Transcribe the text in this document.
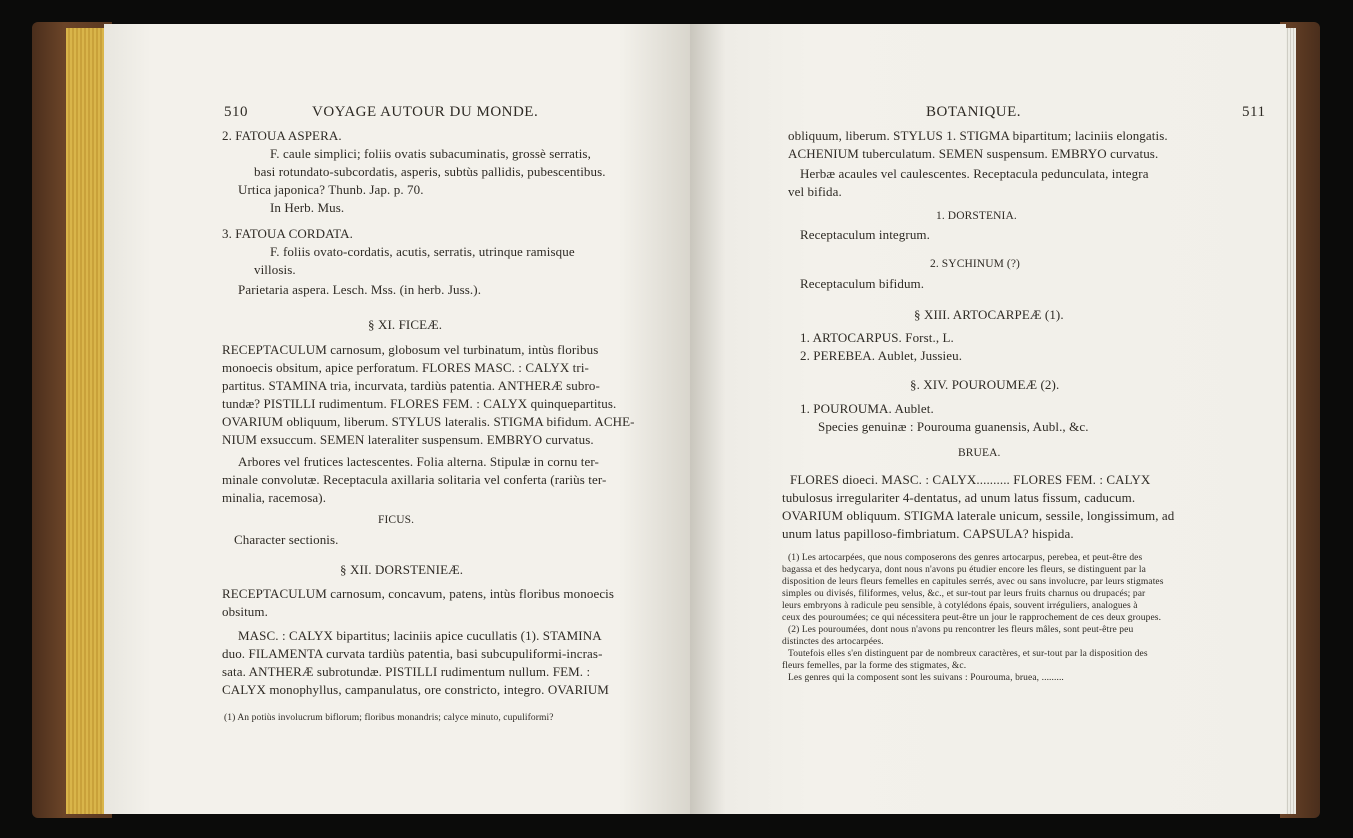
510	VOYAGE AUTOUR DU MONDE.
2. FATOUA ASPERA.
F. caule simplici; foliis ovatis subacuminatis, grossè serratis,
basi rotundato-subcordatis, asperis, subtùs pallidis, pubescentibus.
Urtica japonica? Thunb. Jap. p. 70.
In Herb. Mus.
3. FATOUA CORDATA.
F. foliis ovato-cordatis, acutis, serratis, utrinque ramisque
villosis.
Parietaria aspera. Lesch. Mss. (in herb. Juss.).
§ XI. FICEÆ.
RECEPTACULUM carnosum, globosum vel turbinatum, intùs floribus
monoecis obsitum, apice perforatum. FLORES MASC. : CALYX tri-
partitus. STAMINA tria, incurvata, tardiùs patentia. ANTHERÆ subro-
tundæ? PISTILLI rudimentum. FLORES FEM. : CALYX quinquepartitus.
OVARIUM obliquum, liberum. STYLUS lateralis. STIGMA bifidum. ACHE-
NIUM exsuccum. SEMEN lateraliter suspensum. EMBRYO curvatus.
Arbores vel frutices lactescentes. Folia alterna. Stipulæ in cornu ter-
minale convolutæ. Receptacula axillaria solitaria vel conferta (rariùs ter-
minalia, racemosa).
FICUS.
Character sectionis.
§ XII. DORSTENIEÆ.
RECEPTACULUM carnosum, concavum, patens, intùs floribus monoecis
obsitum.
MASC. : CALYX bipartitus; laciniis apice cucullatis (1). STAMINA
duo. FILAMENTA curvata tardiùs patentia, basi subcupuliformi-incras-
sata. ANTHERÆ subrotundæ. PISTILLI rudimentum nullum. FEM. :
CALYX monophyllus, campanulatus, ore constricto, integro. OVARIUM
(1) An potiùs involucrum biflorum; floribus monandris; calyce minuto, cupuliformi?
BOTANIQUE.	511
obliquum, liberum. STYLUS 1. STIGMA bipartitum; laciniis elongatis.
ACHENIUM tuberculatum. SEMEN suspensum. EMBRYO curvatus.
Herbæ acaules vel caulescentes. Receptacula pedunculata, integra
vel bifida.
1. DORSTENIA.
Receptaculum integrum.
2. SYCHINUM (?)
Receptaculum bifidum.
§ XIII. ARTOCARPEÆ (1).
1. ARTOCARPUS. Forst., L.
2. PEREBEA. Aublet, Jussieu.
§. XIV. POUROUMEÆ (2).
1. POUROUMA. Aublet.
Species genuinæ : Pourouma guanensis, Aubl., &c.
BRUEA.
FLORES dioeci. MASC. : CALYX.......... FLORES FEM. : CALYX
tubulosus irregulariter 4-dentatus, ad unum latus fissum, caducum.
OVARIUM obliquum. STIGMA laterale unicum, sessile, longissimum, ad
unum latus papilloso-fimbriatum. CAPSULA? hispida.
(1) Les artocarpées, que nous composerons des genres artocarpus, perebea, et peut-être des
bagassa et des hedycarya, dont nous n'avons pu étudier encore les fleurs, se distinguent par la
disposition de leurs fleurs femelles en capitules serrés, avec ou sans involucre, par leurs stigmates
simples ou divisés, filiformes, velus, &c., et sur-tout par leurs fruits charnus ou drupacés; par
leurs embryons à radicule peu sensible, à cotylédons épais, souvent irréguliers, analogues à
ceux des pouroumées; ce qui nécessitera peut-être un jour le rapprochement de ces deux groupes.
(2) Les pouroumées, dont nous n'avons pu rencontrer les fleurs mâles, sont peut-être peu
distinctes des artocarpées.
Toutefois elles s'en distinguent par de nombreux caractères, et sur-tout par la disposition des
fleurs femelles, par la forme des stigmates, &c.
Les genres qui la composent sont les suivans : Pourouma, bruea, .........
